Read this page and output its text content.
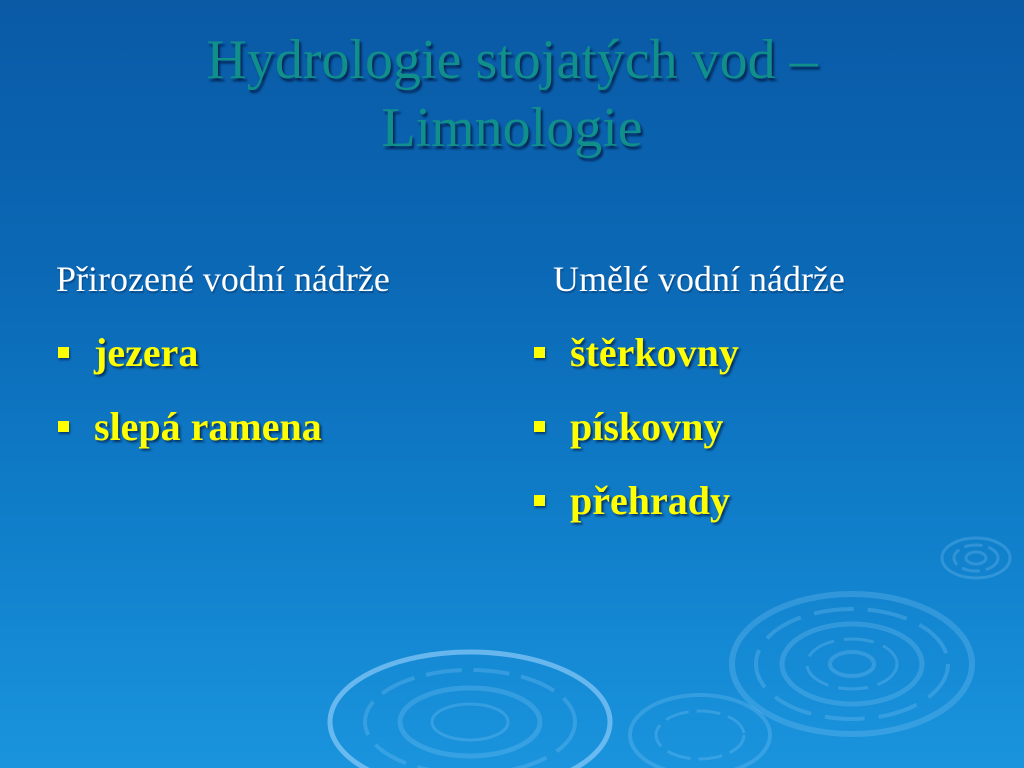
Hydrologie stojatých vod –
Limnologie
Přirozené vodní nádrže	Umělé vodní nádrže
jezera
slepá ramena
štěrkovny
pískovny
přehrady
